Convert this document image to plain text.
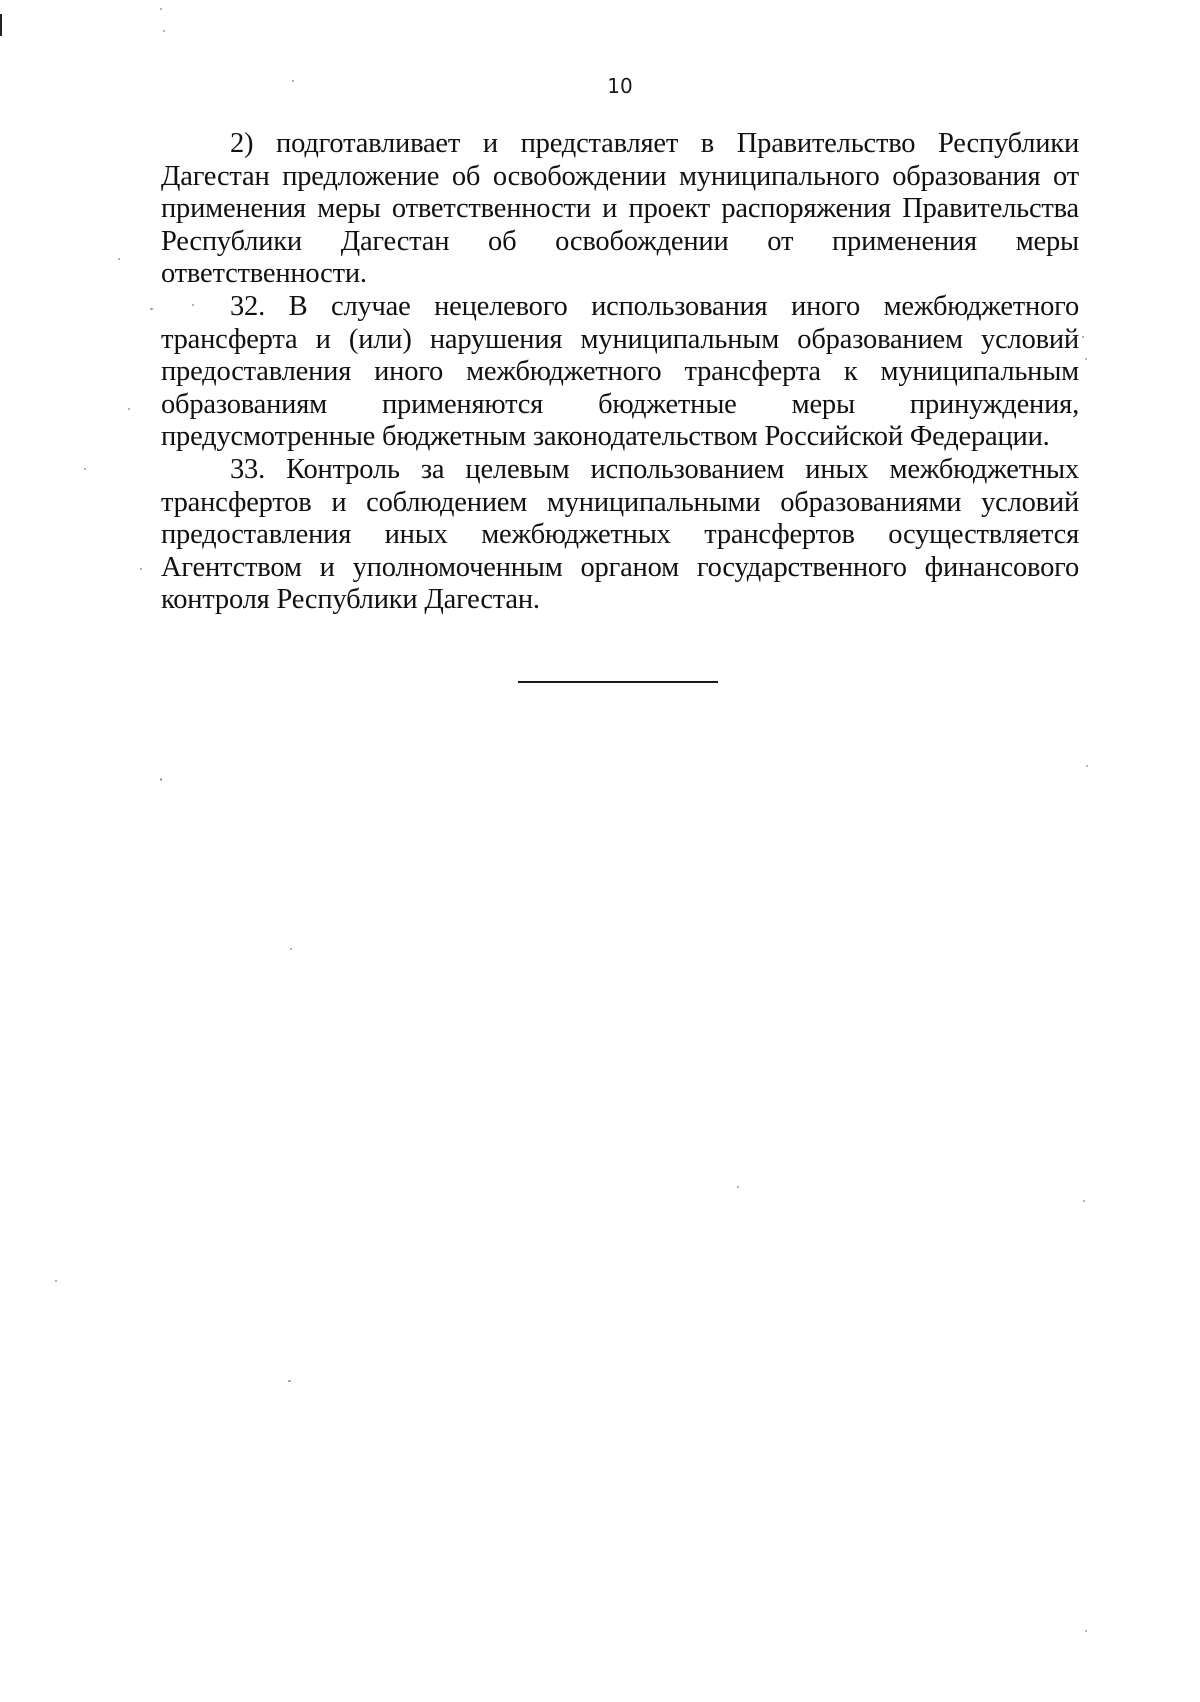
10

2) подготавливает и представляет в Правительство Республики Дагестан предложение об освобождении муниципального образования от применения меры ответственности и проект распоряжения Правительства Республики Дагестан об освобождении от применения меры ответственности.

32. В случае нецелевого использования иного межбюджетного трансферта и (или) нарушения муниципальным образованием условий предоставления иного межбюджетного трансферта к муниципальным образованиям применяются бюджетные меры принуждения, предусмотренные бюджетным законодательством Российской Федерации.

33. Контроль за целевым использованием иных межбюджетных трансфертов и соблюдением муниципальными образованиями условий предоставления иных межбюджетных трансфертов осуществляется Агентством и уполномоченным органом государственного финансового контроля Республики Дагестан.
